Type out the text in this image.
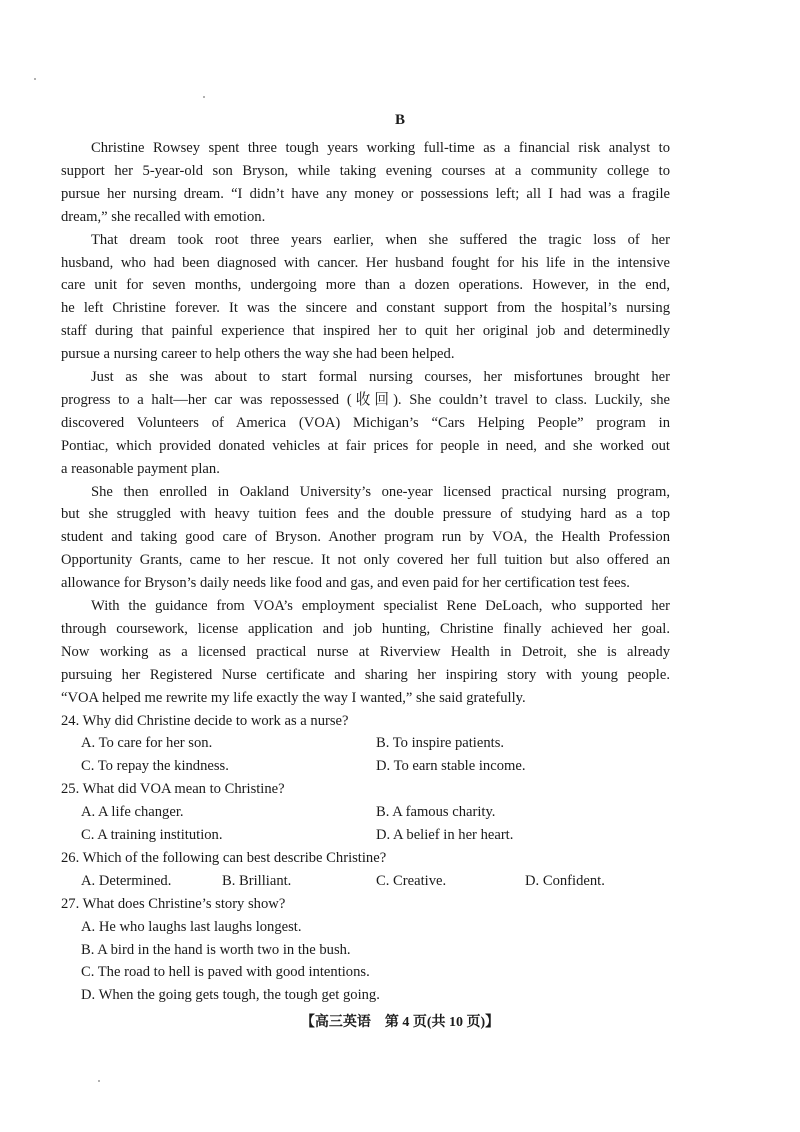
B
Christine Rowsey spent three tough years working full-time as a financial risk analyst to
support her 5-year-old son Bryson, while taking evening courses at a community college to
pursue her nursing dream. “I didn’t have any money or possessions left; all I had was a fragile
dream,” she recalled with emotion.
That dream took root three years earlier, when she suffered the tragic loss of her
husband, who had been diagnosed with cancer. Her husband fought for his life in the intensive
care unit for seven months, undergoing more than a dozen operations. However, in the end,
he left Christine forever. It was the sincere and constant support from the hospital’s nursing
staff during that painful experience that inspired her to quit her original job and determinedly
pursue a nursing career to help others the way she had been helped.
Just as she was about to start formal nursing courses, her misfortunes brought her
progress to a halt—her car was repossessed (收回). She couldn’t travel to class. Luckily, she
discovered Volunteers of America (VOA) Michigan’s “Cars Helping People” program in
Pontiac, which provided donated vehicles at fair prices for people in need, and she worked out
a reasonable payment plan.
She then enrolled in Oakland University’s one-year licensed practical nursing program,
but she struggled with heavy tuition fees and the double pressure of studying hard as a top
student and taking good care of Bryson. Another program run by VOA, the Health Profession
Opportunity Grants, came to her rescue. It not only covered her full tuition but also offered an
allowance for Bryson’s daily needs like food and gas, and even paid for her certification test fees.
With the guidance from VOA’s employment specialist Rene DeLoach, who supported her
through coursework, license application and job hunting, Christine finally achieved her goal.
Now working as a licensed practical nurse at Riverview Health in Detroit, she is already
pursuing her Registered Nurse certificate and sharing her inspiring story with young people.
“VOA helped me rewrite my life exactly the way I wanted,” she said gratefully.
24. Why did Christine decide to work as a nurse?
A. To care for her son.	B. To inspire patients.
C. To repay the kindness.	D. To earn stable income.
25. What did VOA mean to Christine?
A. A life changer.	B. A famous charity.
C. A training institution.	D. A belief in her heart.
26. Which of the following can best describe Christine?
A. Determined.	B. Brilliant.	C. Creative.	D. Confident.
27. What does Christine’s story show?
A. He who laughs last laughs longest.
B. A bird in the hand is worth two in the bush.
C. The road to hell is paved with good intentions.
D. When the going gets tough, the tough get going.
【高三英语　第 4 页(共 10 页)】
